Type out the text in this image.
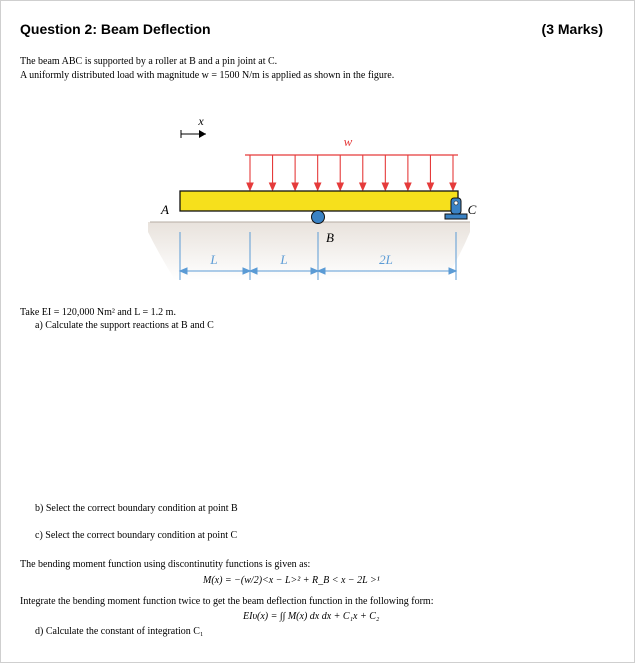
Question 2: Beam Deflection	(3 Marks)
The beam ABC is supported by a roller at B and a pin joint at C.
A uniformly distributed load with magnitude w = 1500 N/m is applied as shown in the figure.
x
w
A
B
C
L	L	2L
Take EI = 120,000 Nm² and L = 1.2 m.
a) Calculate the support reactions at B and C
b) Select the correct boundary condition at point B
c) Select the correct boundary condition at point C
The bending moment function using discontinutity functions is given as:
M(x) = −(w/2)<x − L>² + R_B < x − 2L >¹
Integrate the bending moment function twice to get the beam deflection function in the following form:
EIυ(x) = ∫∫ M(x) dx dx + C₁x + C₂
d) Calculate the constant of integration C₁
